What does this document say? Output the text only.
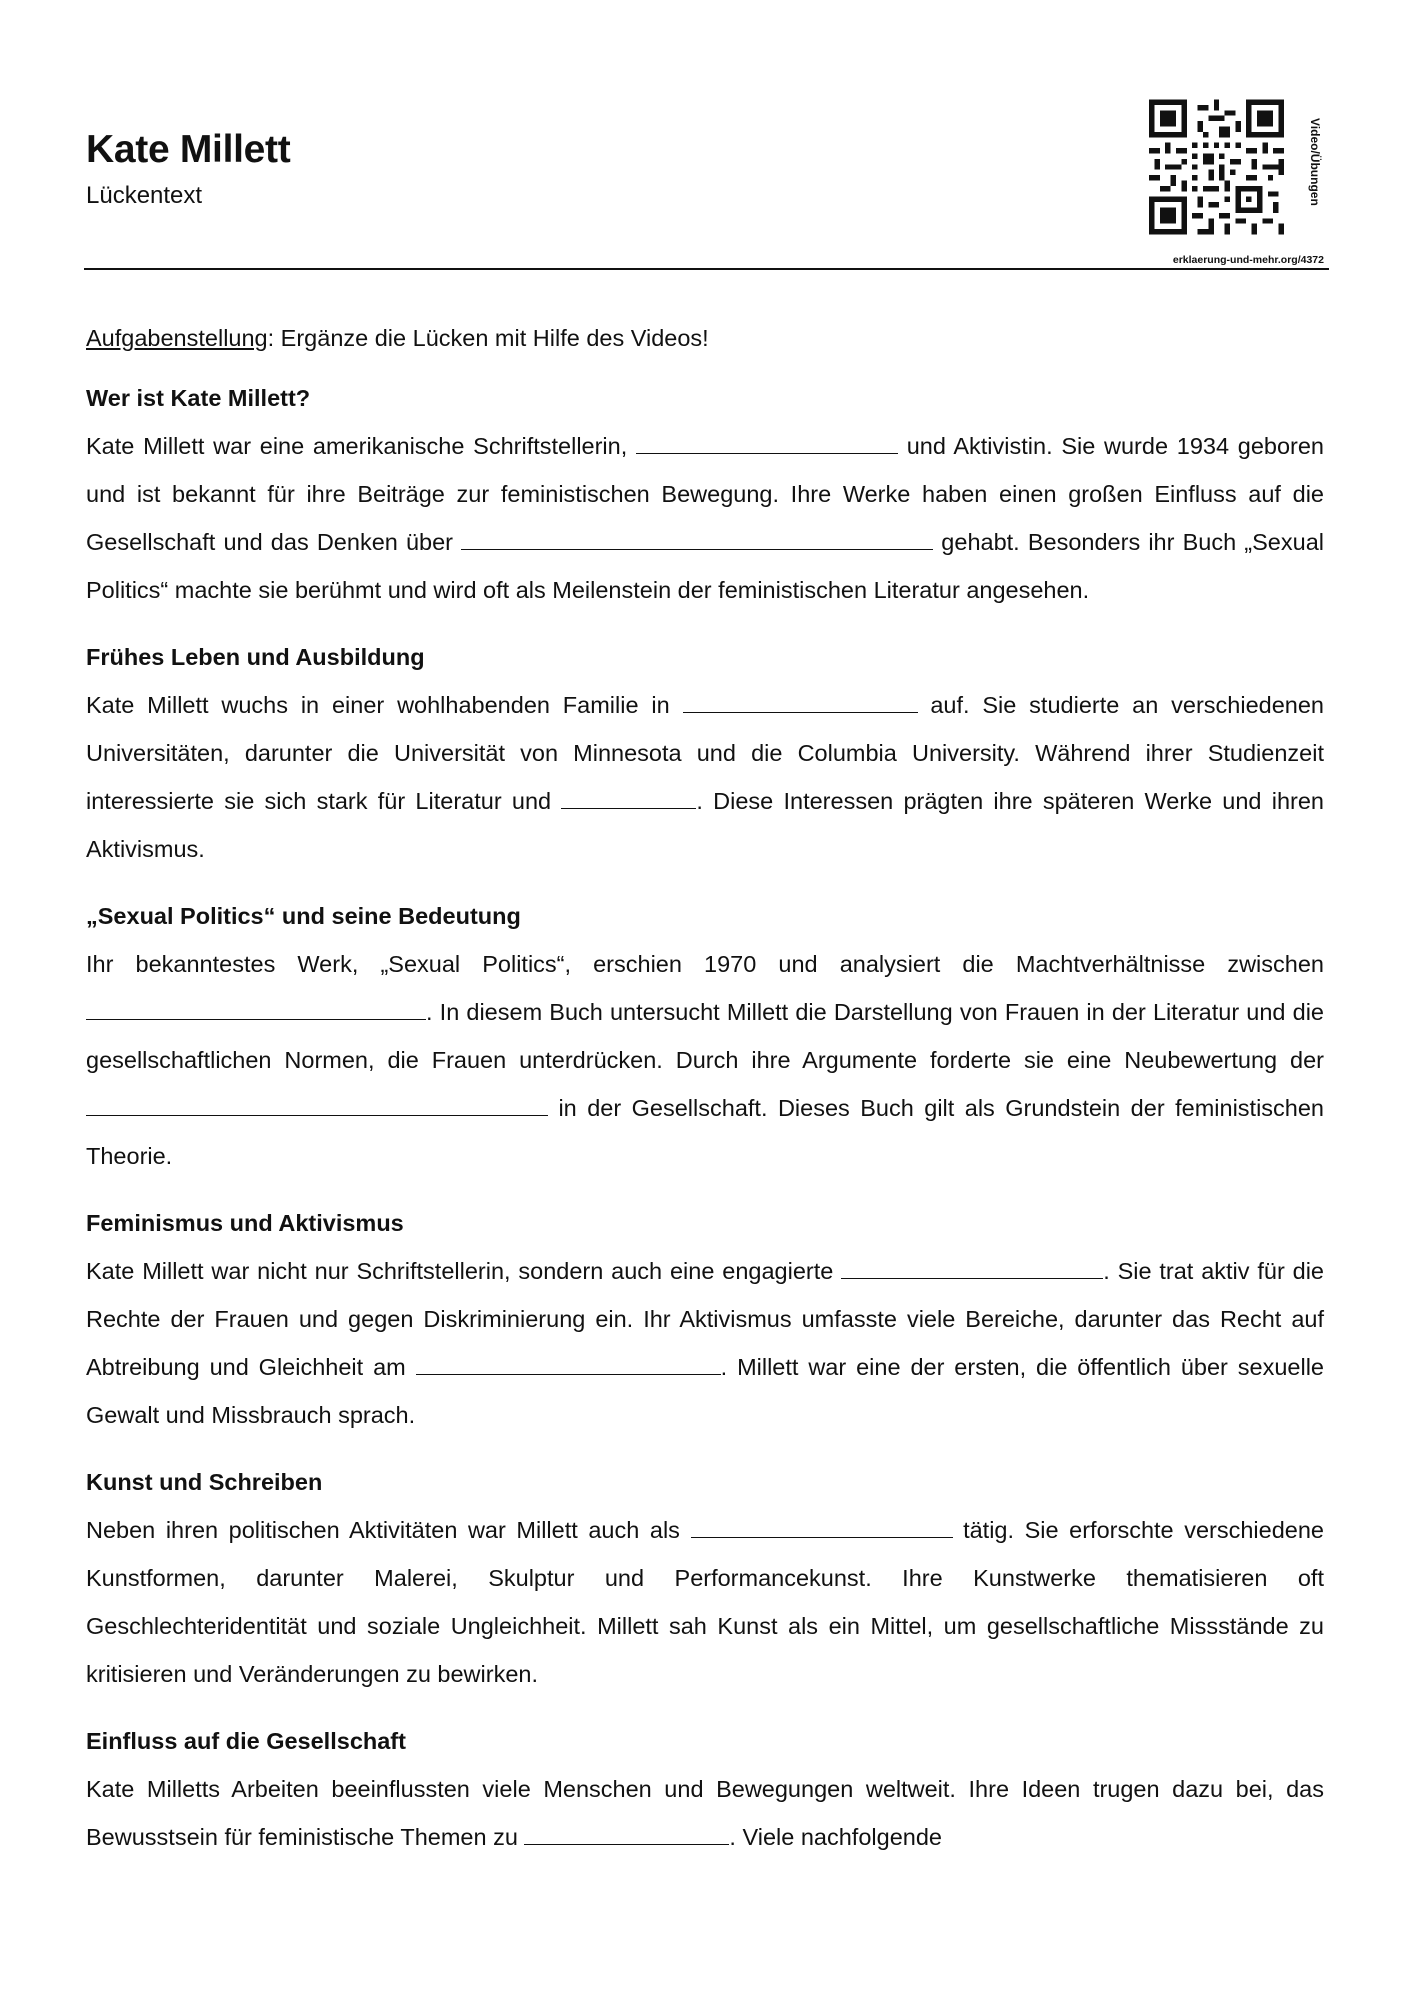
Kate Millett
Lückentext	Video/Übungen
erklaerung-und-mehr.org/4372

Aufgabenstellung: Ergänze die Lücken mit Hilfe des Videos!

Wer ist Kate Millett?

Kate Millett war eine amerikanische Schriftstellerin,	und Aktivistin. Sie wurde 1934 geboren und ist bekannt für ihre Beiträge zur feministischen Bewegung. Ihre Werke haben einen großen Einfluss auf die Gesellschaft und das Denken über	gehabt. Besonders ihr Buch „Sexual Politics“ machte sie berühmt und wird oft als Meilenstein der feministischen Literatur angesehen.

Frühes Leben und Ausbildung

Kate Millett wuchs in einer wohlhabenden Familie in	auf. Sie studierte an verschiedenen Universitäten, darunter die Universität von Minnesota und die Columbia University. Während ihrer Studienzeit interessierte sie sich stark für Literatur und	. Diese Interessen prägten ihre späteren Werke und ihren Aktivismus.

„Sexual Politics“ und seine Bedeutung

Ihr bekanntestes Werk, „Sexual Politics“, erschien 1970 und analysiert die Machtverhältnisse zwischen . In diesem Buch untersucht Millett die Darstellung von Frauen in der Literatur und die gesellschaftlichen Normen, die Frauen unterdrücken. Durch ihre Argumente forderte sie eine Neubewertung der  in der Gesellschaft. Dieses Buch gilt als Grundstein der feministischen Theorie.

Feminismus und Aktivismus

Kate Millett war nicht nur Schriftstellerin, sondern auch eine engagierte	. Sie trat aktiv für die Rechte der Frauen und gegen Diskriminierung ein. Ihr Aktivismus umfasste viele Bereiche, darunter das Recht auf Abtreibung und Gleichheit am	. Millett war eine der ersten, die öffentlich über sexuelle Gewalt und Missbrauch sprach.

Kunst und Schreiben

Neben ihren politischen Aktivitäten war Millett auch als	tätig. Sie erforschte verschiedene Kunstformen, darunter Malerei, Skulptur und Performancekunst. Ihre Kunstwerke thematisieren oft Geschlechteridentität und soziale Ungleichheit. Millett sah Kunst als ein Mittel, um gesellschaftliche Missstände zu kritisieren und Veränderungen zu bewirken.

Einfluss auf die Gesellschaft

Kate Milletts Arbeiten beeinflussten viele Menschen und Bewegungen weltweit. Ihre Ideen trugen dazu bei, das Bewusstsein für feministische Themen zu	. Viele nachfolgende
